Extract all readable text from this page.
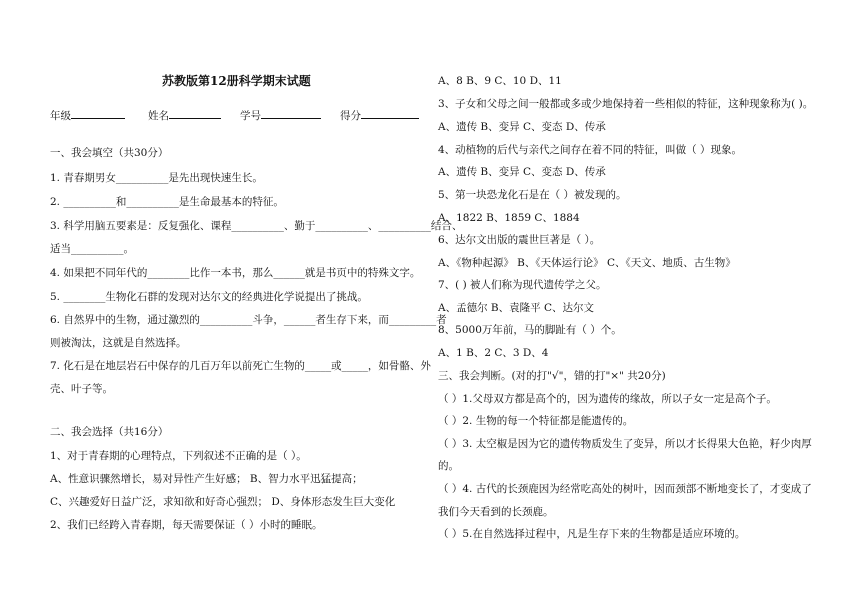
苏教版第12册科学期末试题
年级	姓名	学号	得分
一、我会填空（共30分）
1. 青春期男女__________是先出现快速生长。
2. __________和__________是生命最基本的特征。
3. 科学用脑五要素是：反复强化、课程__________、勤于__________、__________结合、
适当__________。
4. 如果把不同年代的________比作一本书，那么______就是书页中的特殊文字。
5. ________生物化石群的发现对达尔文的经典进化学说提出了挑战。
6. 自然界中的生物，通过激烈的__________斗争，______者生存下来，而_________者
则被淘汰，这就是自然选择。
7. 化石是在地层岩石中保存的几百万年以前死亡生物的_____或_____，如骨骼、外
壳、叶子等。
二、我会选择（共16分）
1、对于青春期的心理特点，下列叙述不正确的是（ ）。
A、性意识骤然增长，易对异性产生好感； B、智力水平迅猛提高；
C、兴趣爱好日益广泛，求知欲和好奇心强烈； D、身体形态发生巨大变化
2、我们已经跨入青春期，每天需要保证（ ）小时的睡眠。
A、8 B、9 C、10 D、11
3、子女和父母之间一般都或多或少地保持着一些相似的特征，这种现象称为( )。
A、遗传 B、变异 C、变态 D、传承
4、动植物的后代与亲代之间存在着不同的特征，叫做（ ）现象。
A、遗传 B、变异 C、变态 D、传承
5、第一块恐龙化石是在（ ）被发现的。
A、1822 B、1859 C、1884
6、达尔文出版的震世巨著是（ ）。
A、《物种起源》 B、《天体运行论》 C、《天文、地质、古生物》
7、( ) 被人们称为现代遗传学之父。
A、孟德尔 B、袁隆平 C、达尔文
8、5000万年前，马的脚趾有（ ）个。
A、1 B、2 C、3 D、4
三、我会判断。(对的打"√"，错的打"×" 共20分)
（ ）1.父母双方都是高个的，因为遗传的缘故，所以子女一定是高个子。
（ ）2. 生物的每一个特征都是能遗传的。
（ ）3. 太空椒是因为它的遗传物质发生了变异，所以才长得果大色艳，籽少肉厚
的。
（ ）4. 古代的长颈鹿因为经常吃高处的树叶，因而颈部不断地变长了，才变成了
我们今天看到的长颈鹿。
（ ）5.在自然选择过程中，凡是生存下来的生物都是适应环境的。
